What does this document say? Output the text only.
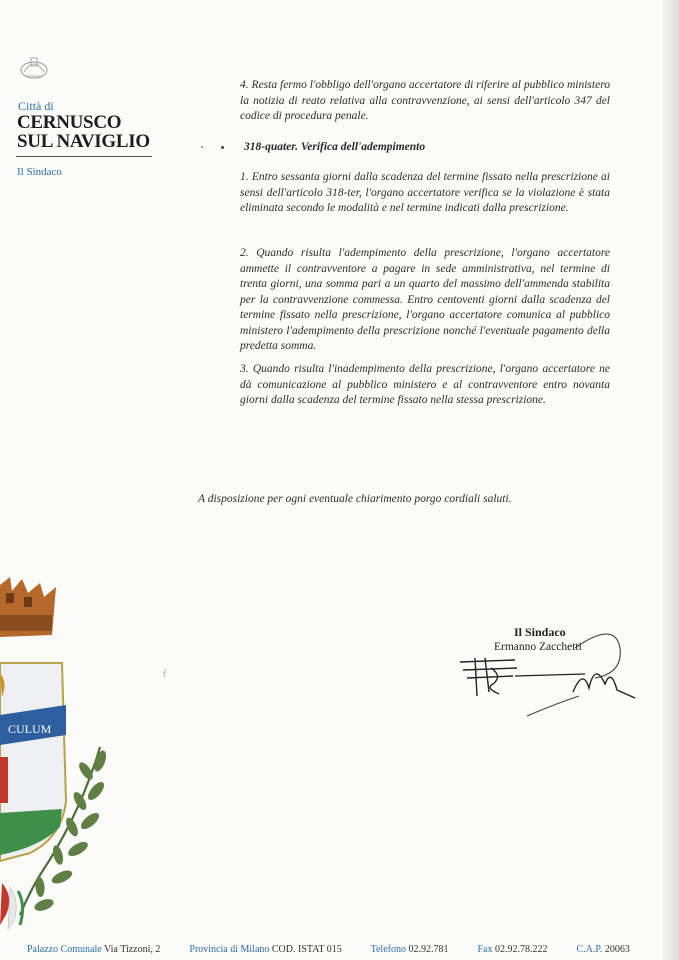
Città di
CERNUSCO
SUL NAVIGLIO
Il Sindaco
4. Resta fermo l'obbligo dell'organo accertatore di riferire al pubblico ministero la notizia di reato relativa alla contravvenzione, ai sensi dell'articolo 347 del codice di procedura penale.
318-quater. Verifica dell'adempimento
1. Entro sessanta giorni dalla scadenza del termine fissato nella prescrizione ai sensi dell'articolo 318-ter, l'organo accertatore verifica se la violazione è stata eliminata secondo le modalità e nel termine indicati dalla prescrizione.
2. Quando risulta l'adempimento della prescrizione, l'organo accertatore ammette il contravventore a pagare in sede amministrativa, nel termine di trenta giorni, una somma pari a un quarto del massimo dell'ammenda stabilita per la contravvenzione commessa. Entro centoventi giorni dalla scadenza del termine fissato nella prescrizione, l'organo accertatore comunica al pubblico ministero l'adempimento della prescrizione nonché l'eventuale pagamento della predetta somma.
3. Quando risulta l'inadempimento della prescrizione, l'organo accertatore ne dà comunicazione al pubblico ministero e al contravventore entro novanta giorni dalla scadenza del termine fissato nella stessa prescrizione.
A disposizione per ogni eventuale chiarimento porgo cordiali saluti.
Il Sindaco
Ermanno Zacchetti
ƭ
CULUM
Palazzo Comunale Via Tizzoni, 2	Provincia di Milano COD. ISTAT 015	Telefono 02.92.781	Fax 02.92.78.222	C.A.P. 20063
